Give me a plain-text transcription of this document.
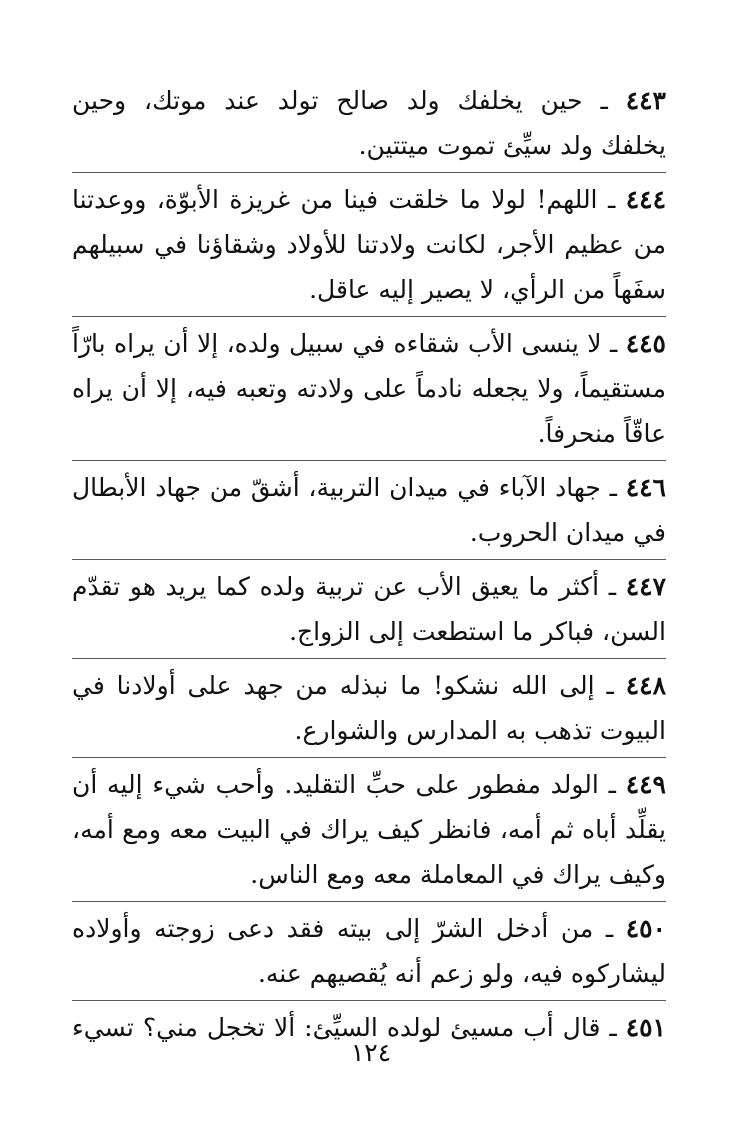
٤٤٣ ـ حين يخلفك ولد صالح تولد عند موتك، وحين
يخلفك ولد سيِّئ تموت ميتتين.
٤٤٤ ـ اللهم! لولا ما خلقت فينا من غريزة الأبوّة، ووعدتنا
من عظيم الأجر، لكانت ولادتنا للأولاد وشقاؤنا في سبيلهم
سفَهاً من الرأي، لا يصير إليه عاقل.
٤٤٥ ـ لا ينسى الأب شقاءه في سبيل ولده، إلا أن يراه بارّاً
مستقيماً، ولا يجعله نادماً على ولادته وتعبه فيه، إلا أن يراه
عاقّاً منحرفاً.
٤٤٦ ـ جهاد الآباء في ميدان التربية، أشقّ من جهاد الأبطال
في ميدان الحروب.
٤٤٧ ـ أكثر ما يعيق الأب عن تربية ولده كما يريد هو تقدّم
السن، فباكر ما استطعت إلى الزواج.
٤٤٨ ـ إلى الله نشكو! ما نبذله من جهد على أولادنا في
البيوت تذهب به المدارس والشوارع.
٤٤٩ ـ الولد مفطور على حبِّ التقليد. وأحب شيء إليه أن
يقلِّد أباه ثم أمه، فانظر كيف يراك في البيت معه ومع أمه،
وكيف يراك في المعاملة معه ومع الناس.
٤٥٠ ـ من أدخل الشرّ إلى بيته فقد دعى زوجته وأولاده
ليشاركوه فيه، ولو زعم أنه يُقصيهم عنه.
٤٥١ ـ قال أب مسيئ لولده السيِّئ: ألا تخجل مني؟ تسيء
١٢٤
